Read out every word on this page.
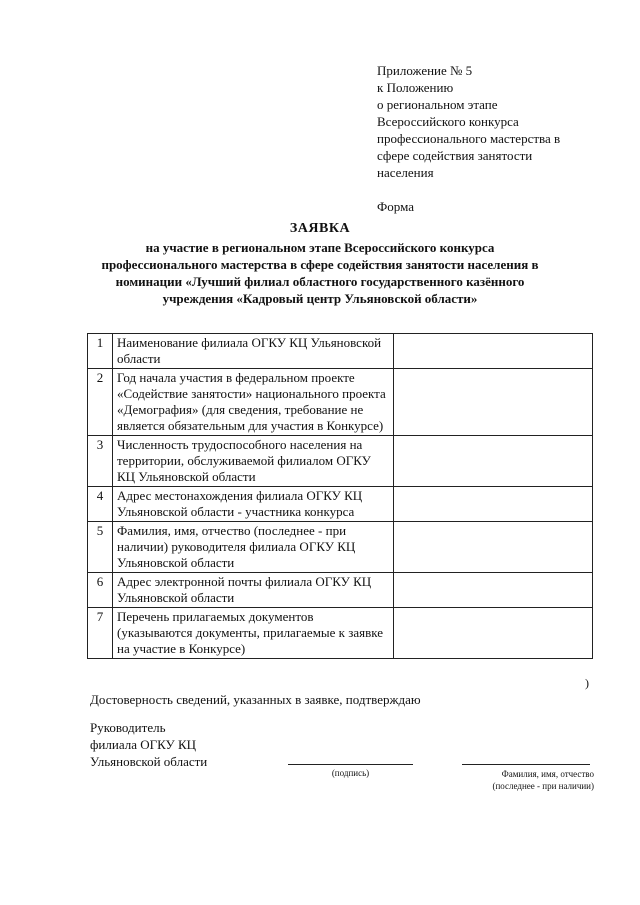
Приложение № 5
к Положению
о региональном этапе
Всероссийского конкурса
профессионального мастерства в
сфере содействия занятости
населения
Форма
ЗАЯВКА
на участие в региональном этапе Всероссийского конкурса
профессионального мастерства в сфере содействия занятости населения в
номинации «Лучший филиал областного государственного казённого
учреждения «Кадровый центр Ульяновской области»
1	Наименование филиала ОГКУ КЦ Ульяновской области	
2	Год начала участия в федеральном проекте «Содействие занятости» национального проекта «Демография» (для сведения, требование не является обязательным для участия в Конкурсе)	
3	Численность трудоспособного населения на территории, обслуживаемой филиалом ОГКУ КЦ Ульяновской области	
4	Адрес местонахождения филиала ОГКУ КЦ Ульяновской области - участника конкурса	
5	Фамилия, имя, отчество (последнее - при наличии) руководителя филиала ОГКУ КЦ Ульяновской области	
6	Адрес электронной почты филиала ОГКУ КЦ Ульяновской области	
7	Перечень прилагаемых документов (указываются документы, прилагаемые к заявке на участие в Конкурсе)	
)
Достоверность сведений, указанных в заявке, подтверждаю
Руководитель
филиала ОГКУ КЦ
Ульяновской области
(подпись)	Фамилия, имя, отчество
(последнее - при наличии)
